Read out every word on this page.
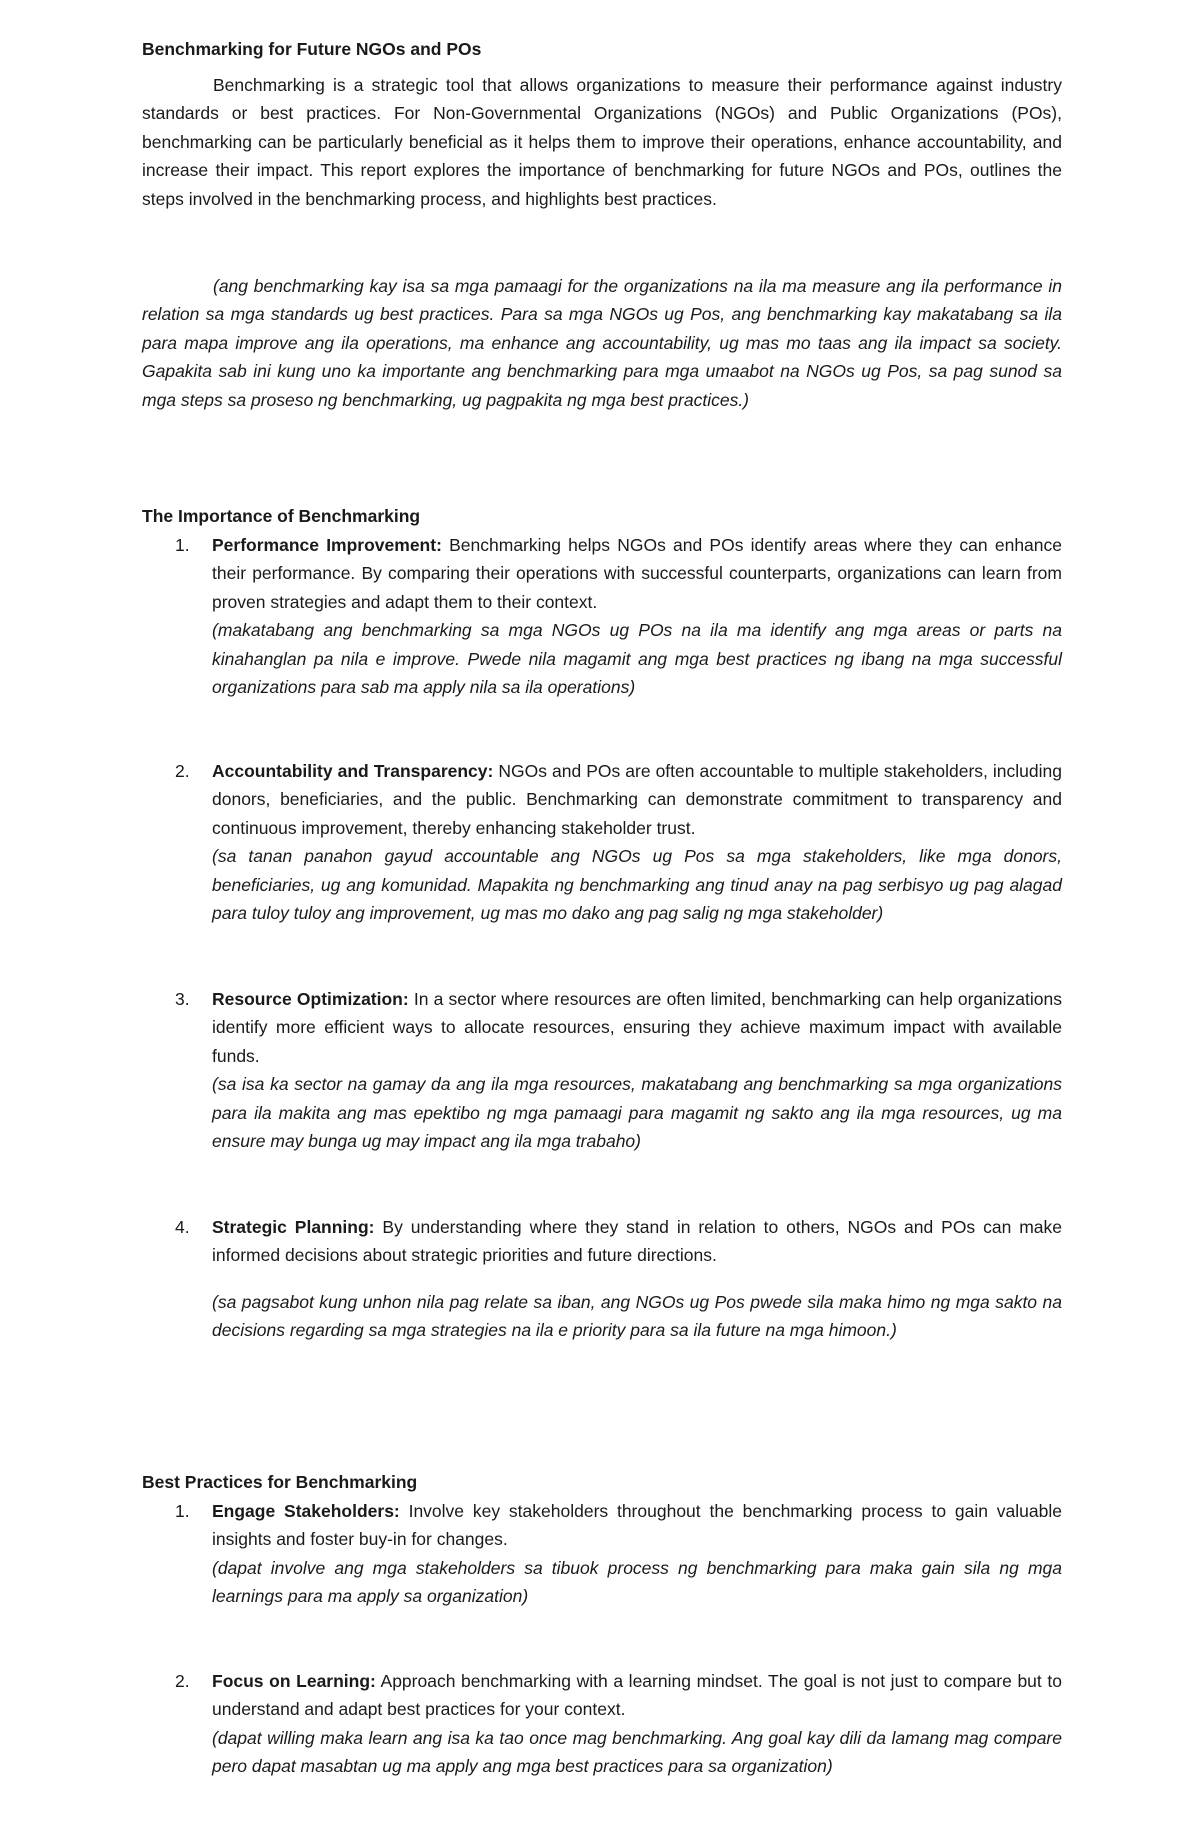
Benchmarking for Future NGOs and POs

Benchmarking is a strategic tool that allows organizations to measure their performance against industry standards or best practices. For Non-Governmental Organizations (NGOs) and Public Organizations (POs), benchmarking can be particularly beneficial as it helps them to improve their operations, enhance accountability, and increase their impact. This report explores the importance of benchmarking for future NGOs and POs, outlines the steps involved in the benchmarking process, and highlights best practices.

(ang benchmarking kay isa sa mga pamaagi for the organizations na ila ma measure ang ila performance in relation sa mga standards ug best practices. Para sa mga NGOs ug Pos, ang benchmarking kay makatabang sa ila para mapa improve ang ila operations, ma enhance ang accountability, ug mas mo taas ang ila impact sa society. Gapakita sab ini kung uno ka importante ang benchmarking para mga umaabot na NGOs ug Pos, sa pag sunod sa mga steps sa proseso ng benchmarking, ug pagpakita ng mga best practices.)

The Importance of Benchmarking

1. Performance Improvement: Benchmarking helps NGOs and POs identify areas where they can enhance their performance. By comparing their operations with successful counterparts, organizations can learn from proven strategies and adapt them to their context.

(makatabang ang benchmarking sa mga NGOs ug POs na ila ma identify ang mga areas or parts na kinahanglan pa nila e improve. Pwede nila magamit ang mga best practices ng ibang na mga successful organizations para sab ma apply nila sa ila operations)

2. Accountability and Transparency: NGOs and POs are often accountable to multiple stakeholders, including donors, beneficiaries, and the public. Benchmarking can demonstrate commitment to transparency and continuous improvement, thereby enhancing stakeholder trust.

(sa tanan panahon gayud accountable ang NGOs ug Pos sa mga stakeholders, like mga donors, beneficiaries, ug ang komunidad. Mapakita ng benchmarking ang tinud anay na pag serbisyo ug pag alagad para tuloy tuloy ang improvement, ug mas mo dako ang pag salig ng mga stakeholder)

3. Resource Optimization: In a sector where resources are often limited, benchmarking can help organizations identify more efficient ways to allocate resources, ensuring they achieve maximum impact with available funds.

(sa isa ka sector na gamay da ang ila mga resources, makatabang ang benchmarking sa mga organizations para ila makita ang mas epektibo ng mga pamaagi para magamit ng sakto ang ila mga resources, ug ma ensure may bunga ug may impact ang ila mga trabaho)

4. Strategic Planning: By understanding where they stand in relation to others, NGOs and POs can make informed decisions about strategic priorities and future directions.

(sa pagsabot kung unhon nila pag relate sa iban, ang NGOs ug Pos pwede sila maka himo ng mga sakto na decisions regarding sa mga strategies na ila e priority para sa ila future na mga himoon.)

Best Practices for Benchmarking

1. Engage Stakeholders: Involve key stakeholders throughout the benchmarking process to gain valuable insights and foster buy-in for changes.

(dapat involve ang mga stakeholders sa tibuok process ng benchmarking para maka gain sila ng mga learnings para ma apply sa organization)

2. Focus on Learning: Approach benchmarking with a learning mindset. The goal is not just to compare but to understand and adapt best practices for your context.

(dapat willing maka learn ang isa ka tao once mag benchmarking. Ang goal kay dili da lamang mag compare pero dapat masabtan ug ma apply ang mga best practices para sa organization)
